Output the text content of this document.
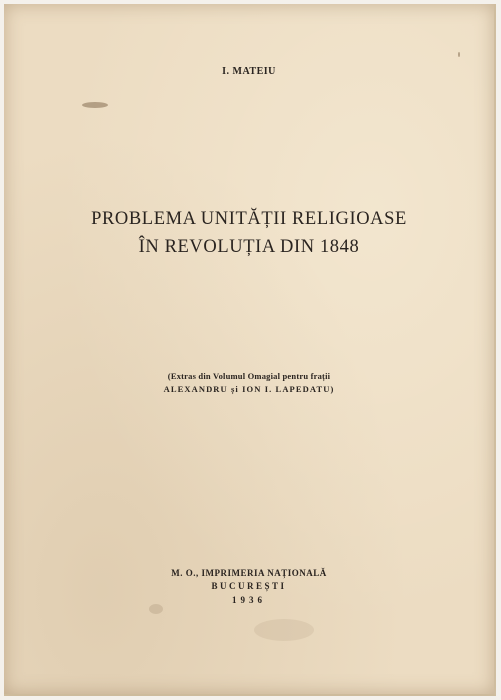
I. MATEIU
PROBLEMA UNITĂȚII RELIGIOASE
ÎN REVOLUȚIA DIN 1848
(Extras din Volumul Omagial pentru frații
ALEXANDRU și ION I. LAPEDATU)
M. O., IMPRIMERIA NAȚIONALĂ
BUCUREȘTI
1936
